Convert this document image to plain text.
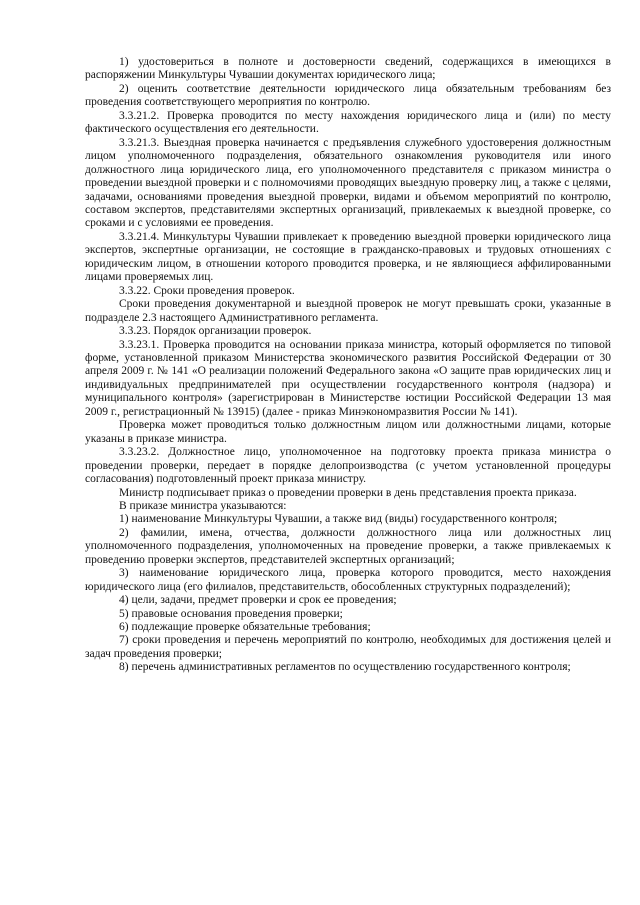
1) удостовериться в полноте и достоверности сведений, содержащихся в имеющихся в распоряжении Минкультуры Чувашии документах юридического лица;

2) оценить соответствие деятельности юридического лица обязательным требованиям без проведения соответствующего мероприятия по контролю.

3.3.21.2. Проверка проводится по месту нахождения юридического лица и (или) по месту фактического осуществления его деятельности.

3.3.21.3. Выездная проверка начинается с предъявления служебного удостоверения должностным лицом уполномоченного подразделения, обязательного ознакомления руководителя или иного должностного лица юридического лица, его уполномоченного представителя с приказом министра о проведении выездной проверки и с полномочиями проводящих выездную проверку лиц, а также с целями, задачами, основаниями проведения выездной проверки, видами и объемом мероприятий по контролю, составом экспертов, представителями экспертных организаций, привлекаемых к выездной проверке, со сроками и с условиями ее проведения.

3.3.21.4. Минкультуры Чувашии привлекает к проведению выездной проверки юридического лица экспертов, экспертные организации, не состоящие в гражданско-правовых и трудовых отношениях с юридическим лицом, в отношении которого проводится проверка, и не являющиеся аффилированными лицами проверяемых лиц.

3.3.22. Сроки проведения проверок.

Сроки проведения документарной и выездной проверок не могут превышать сроки, указанные в подразделе 2.3 настоящего Административного регламента.

3.3.23. Порядок организации проверок.

3.3.23.1. Проверка проводится на основании приказа министра, который оформляется по типовой форме, установленной приказом Министерства экономического развития Российской Федерации от 30 апреля 2009 г. № 141 «О реализации положений Федерального закона «О защите прав юридических лиц и индивидуальных предпринимателей при осуществлении государственного контроля (надзора) и муниципального контроля» (зарегистрирован в Министерстве юстиции Российской Федерации 13 мая 2009 г., регистрационный № 13915) (далее - приказ Минэкономразвития России № 141).

Проверка может проводиться только должностным лицом или должностными лицами, которые указаны в приказе министра.

3.3.23.2. Должностное лицо, уполномоченное на подготовку проекта приказа министра о проведении проверки, передает в порядке делопроизводства (с учетом установленной процедуры согласования) подготовленный проект приказа министру.

Министр подписывает приказ о проведении проверки в день представления проекта приказа.

В приказе министра указываются:

1) наименование Минкультуры Чувашии, а также вид (виды) государственного контроля;

2) фамилии, имена, отчества, должности должностного лица или должностных лиц уполномоченного подразделения, уполномоченных на проведение проверки, а также привлекаемых к проведению проверки экспертов, представителей экспертных организаций;

3) наименование юридического лица, проверка которого проводится, место нахождения юридического лица (его филиалов, представительств, обособленных структурных подразделений);

4) цели, задачи, предмет проверки и срок ее проведения;

5) правовые основания проведения проверки;

6) подлежащие проверке обязательные требования;

7) сроки проведения и перечень мероприятий по контролю, необходимых для достижения целей и задач проведения проверки;

8) перечень административных регламентов по осуществлению государственного контроля;
